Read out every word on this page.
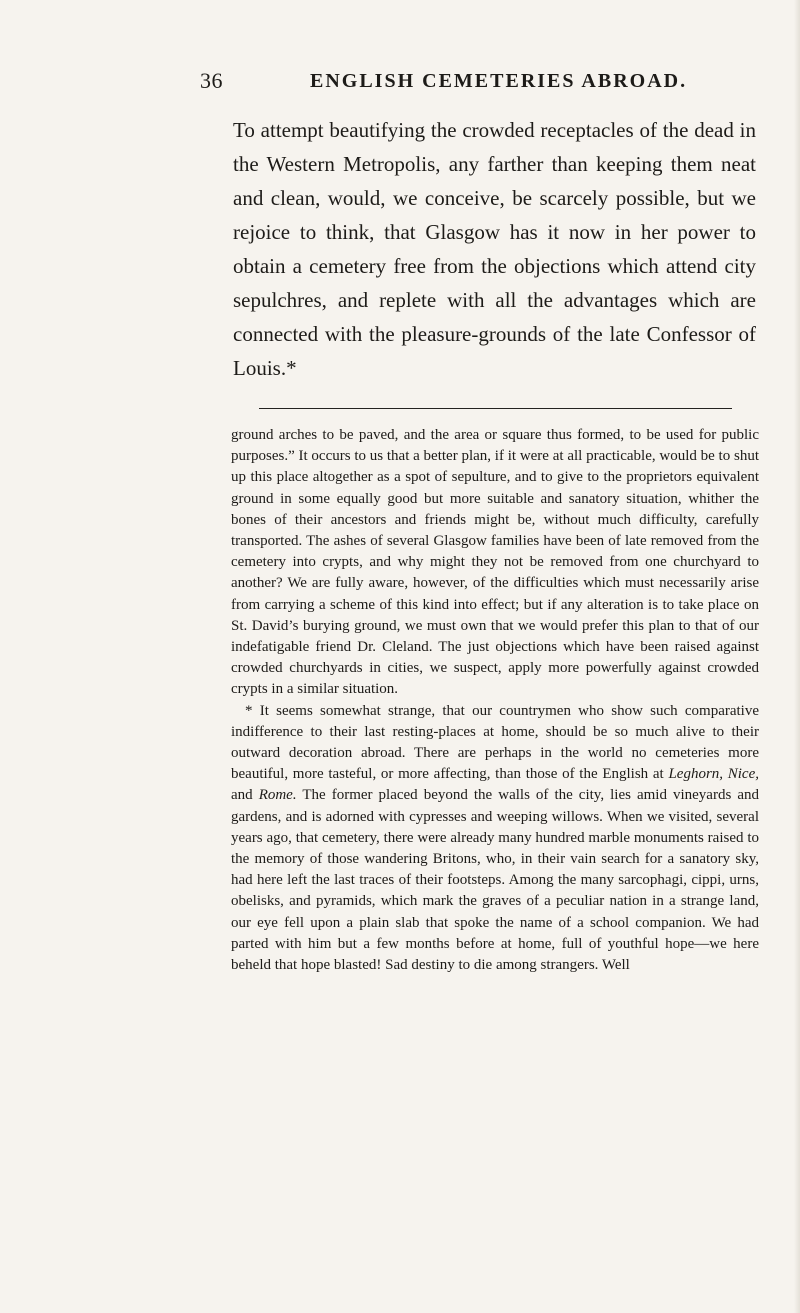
36	ENGLISH CEMETERIES ABROAD.

To attempt beautifying the crowded receptacles of the dead in the Western Metropolis, any farther than keeping them neat and clean, would, we conceive, be scarcely possible, but we rejoice to think, that Glasgow has it now in her power to obtain a cemetery free from the objections which attend city sepulchres, and replete with all the advantages which are connected with the pleasure-grounds of the late Confessor of Louis.*

ground arches to be paved, and the area or square thus formed, to be used for public purposes.” It occurs to us that a better plan, if it were at all practicable, would be to shut up this place altogether as a spot of sepulture, and to give to the proprietors equivalent ground in some equally good but more suitable and sanatory situation, whither the bones of their ancestors and friends might be, without much difficulty, carefully transported. The ashes of several Glasgow families have been of late removed from the cemetery into crypts, and why might they not be removed from one churchyard to another? We are fully aware, however, of the difficulties which must necessarily arise from carrying a scheme of this kind into effect; but if any alteration is to take place on St. David’s burying ground, we must own that we would prefer this plan to that of our indefatigable friend Dr. Cleland. The just objections which have been raised against crowded churchyards in cities, we suspect, apply more powerfully against crowded crypts in a similar situation.

* It seems somewhat strange, that our countrymen who show such comparative indifference to their last resting-places at home, should be so much alive to their outward decoration abroad. There are perhaps in the world no cemeteries more beautiful, more tasteful, or more affecting, than those of the English at Leghorn, Nice, and Rome. The former placed beyond the walls of the city, lies amid vineyards and gardens, and is adorned with cypresses and weeping willows. When we visited, several years ago, that cemetery, there were already many hundred marble monuments raised to the memory of those wandering Britons, who, in their vain search for a sanatory sky, had here left the last traces of their footsteps. Among the many sarcophagi, cippi, urns, obelisks, and pyramids, which mark the graves of a peculiar nation in a strange land, our eye fell upon a plain slab that spoke the name of a school companion. We had parted with him but a few months before at home, full of youthful hope—we here beheld that hope blasted! Sad destiny to die among strangers. Well
